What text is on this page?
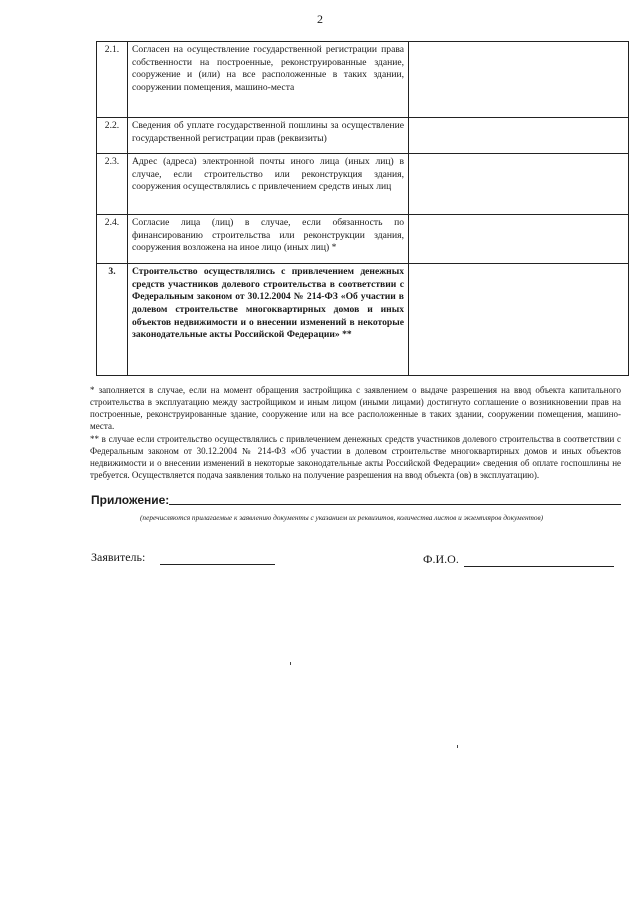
2
2.1.	Согласен на осуществление государственной регистрации права собственности на построенные, реконструированные здание, сооружение и (или) на все расположенные в таких здании, сооружении помещения, машино-места	
2.2.	Сведения об уплате государственной пошлины за осуществление государственной регистрации прав (реквизиты)	
2.3.	Адрес (адреса) электронной почты иного лица (иных лиц) в случае, если строительство или реконструкция здания, сооружения осуществлялись с привлечением средств иных лиц	
2.4.	Согласие лица (лиц) в случае, если обязанность по финансированию строительства или реконструкции здания, сооружения возложена на иное лицо (иных лиц) *	
3.	Строительство осуществлялись с привлечением денежных средств участников долевого строительства в соответствии с Федеральным законом от 30.12.2004 № 214-ФЗ «Об участии в долевом строительстве многоквартирных домов и иных объектов недвижимости и о внесении изменений в некоторые законодательные акты Российской Федерации» **	

* заполняется в случае, если на момент обращения застройщика с заявлением о выдаче разрешения на ввод объекта капитального строительства в эксплуатацию между застройщиком и иным лицом (иными лицами) достигнуто соглашение о возникновении прав на построенные, реконструированные здание, сооружение или на все расположенные в таких здании, сооружении помещения, машино-места.

** в случае если строительство осуществлялись с привлечением денежных средств участников долевого строительства в соответствии с Федеральным законом от 30.12.2004 № 214-ФЗ «Об участии в долевом строительстве многоквартирных домов и иных объектов недвижимости и о внесении изменений в некоторые законодательные акты Российской Федерации» сведения об оплате госпошлины не требуется. Осуществляется подача заявления только на получение разрешения на ввод объекта (ов) в эксплуатацию).

Приложение:
(перечисляются прилагаемые к заявлению документы с указанием их реквизитов, количества листов и экземпляров документов)
Заявитель:	Ф.И.О.
